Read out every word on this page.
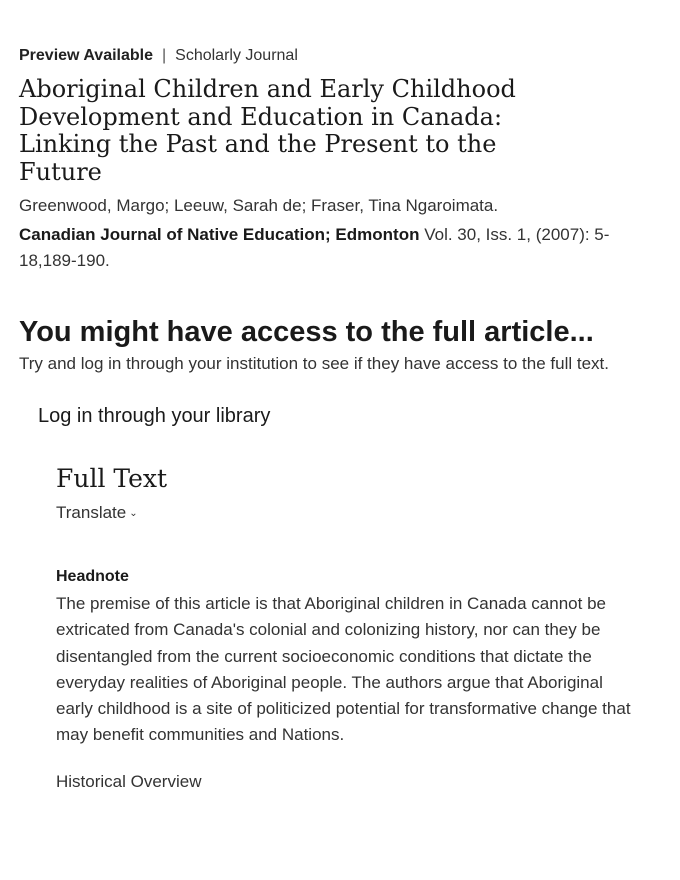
Preview Available | Scholarly Journal
Aboriginal Children and Early Childhood Development and Education in Canada: Linking the Past and the Present to the Future
Greenwood, Margo; Leeuw, Sarah de; Fraser, Tina Ngaroimata.
Canadian Journal of Native Education; Edmonton Vol. 30, Iss. 1, (2007): 5-18,189-190.
You might have access to the full article...
Try and log in through your institution to see if they have access to the full text.
Log in through your library
Full Text
Translate ⌄
Headnote

The premise of this article is that Aboriginal children in Canada cannot be extricated from Canada's colonial and colonizing history, nor can they be disentangled from the current socioeconomic conditions that dictate the everyday realities of Aboriginal people. The authors argue that Aboriginal early childhood is a site of politicized potential for transformative change that may benefit communities and Nations.

Historical Overview
